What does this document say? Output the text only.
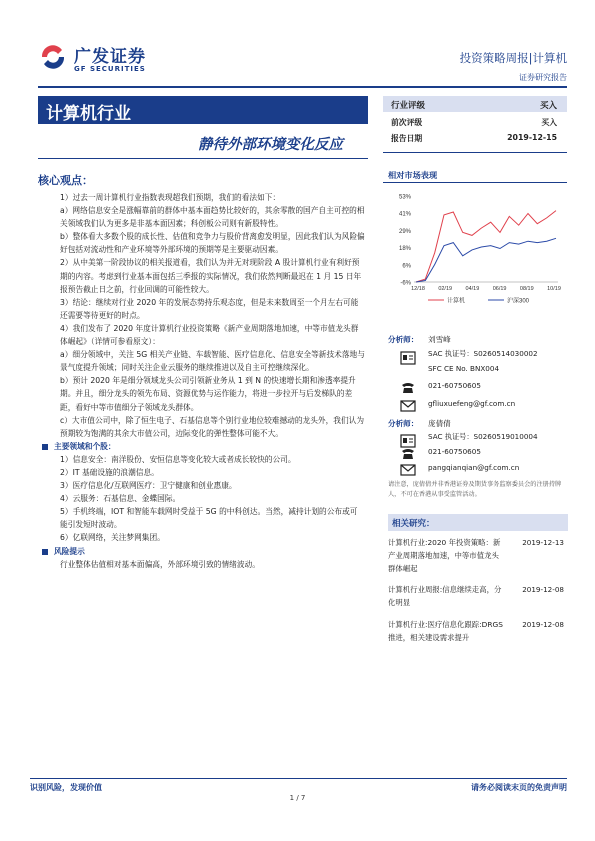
广发证券
GF SECURITIES
投资策略周报|计算机
证券研究报告
计算机行业
静待外部环境变化反应
行业评级	买入
前次评级	买入
报告日期	2019-12-15
核心观点：

1）过去一周计算机行业指数表现超我们预期，我们的看法如下：

a）网络信息安全是涨幅靠前的群体中基本面趋势比较好的，其余零散的国产自主可控的相关领域我们认为更多是非基本面因素；科创板公司则有新股特性。

b）整体看大多数个股的成长性、估值和竞争力与股价背离愈发明显，因此我们认为风险偏好包括对流动性和产业环境等外部环境的预期等是主要驱动因素。

2）从中美第一阶段协议的相关报道看，我们认为并无对现阶段 A 股计算机行业有利好预期的内容。考虑到行业基本面包括三季报的实际情况，我们依然判断最迟在 1 月 15 日年报预告截止日之前，行业回调的可能性较大。

3）结论：继续对行业 2020 年的发展态势持乐观态度，但是未来数周至一个月左右可能还需要等待更好的时点。

4）我们发布了 2020 年度计算机行业投资策略《新产业周期落地加速，中等市值龙头群体崛起》（详情可参看原文）：

a）细分领域中，关注 5G 相关产业链、车载智能、医疗信息化、信息安全等新技术落地与景气度提升领域；同时关注企业云服务的继续推进以及自主可控继续深化。

b）预计 2020 年是细分领域龙头公司引领新业务从 1 到 N 的快速增长期和渗透率提升期。并且，细分龙头的领先布局、资源优势与运作能力，将进一步拉开与后发梯队的差距，看好中等市值细分子领域龙头群体。

c）大市值公司中，除了恒生电子、石基信息等个别行业地位较难撼动的龙头外，我们认为预期较为饱满的其余大市值公司，边际变化的弹性整体可能不大。

主要领域和个股：

1）信息安全：南洋股份、安恒信息等变化较大或者成长较快的公司。

2）IT 基础设施的浪潮信息。

3）医疗信息化/互联网医疗：卫宁健康和创业惠康。

4）云服务：石基信息、金蝶国际。

5）手机终端，IOT 和智能车载网时受益于 5G 的中科创达。当然，减持计划的公布或可能引发短时波动。

6）亿联网络，关注梦网集团。

风险提示

行业整体估值相对基本面偏高，外部环境引致的情绪波动。

相对市场表现
-6%
6%
18%
29%
41%
53%
12/18 02/19 04/19 06/19 08/19 10/19
计算机	沪深300
分析师： 刘雪峰
SAC 执证号：S0260514030002
SFC CE No. BNX004
021-60750605
gfliuxuefeng@gf.com.cn
分析师： 庞倩倩
SAC 执证号：S0260519010004
021-60750605
pangqianqian@gf.com.cn
请注意，庞倩倩并非香港证券及期货事务监察委员会的注册持牌人，不可在香港从事受监管活动。
相关研究：
计算机行业:2020 年投资策略：新产业周期落地加速，中等市值龙头群体崛起
2019-12-13
计算机行业周报:信息继续走高，分化明显
2019-12-08
计算机行业:医疗信息化跟踪:DRGS 推进，相关建设需求提升
2019-12-08
识别风险，发现价值	请务必阅读末页的免责声明
1 / 7
